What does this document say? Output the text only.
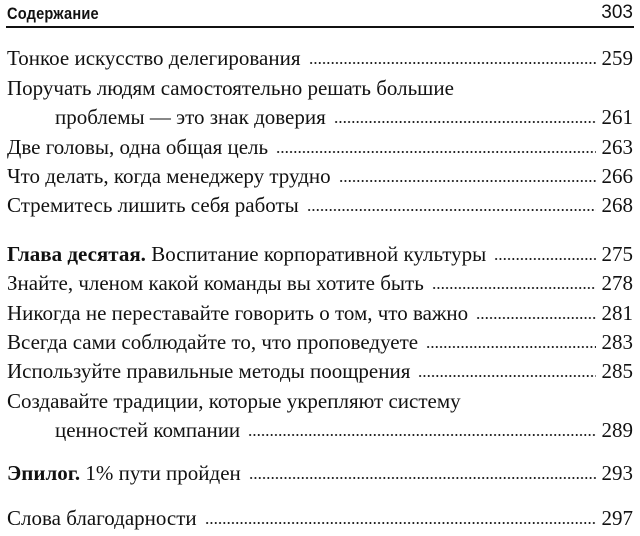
Содержание	303
Тонкое искусство делегирования	259
Поручать людям самостоятельно решать большие
проблемы — это знак доверия	261
Две головы, одна общая цель	263
Что делать, когда менеджеру трудно	266
Стремитесь лишить себя работы	268
Глава десятая. Воспитание корпоративной культуры	275
Знайте, членом какой команды вы хотите быть	278
Никогда не переставайте говорить о том, что важно	281
Всегда сами соблюдайте то, что проповедуете	283
Используйте правильные методы поощрения	285
Создавайте традиции, которые укрепляют систему
ценностей компании	289
Эпилог. 1% пути пройден	293
Слова благодарности	297
